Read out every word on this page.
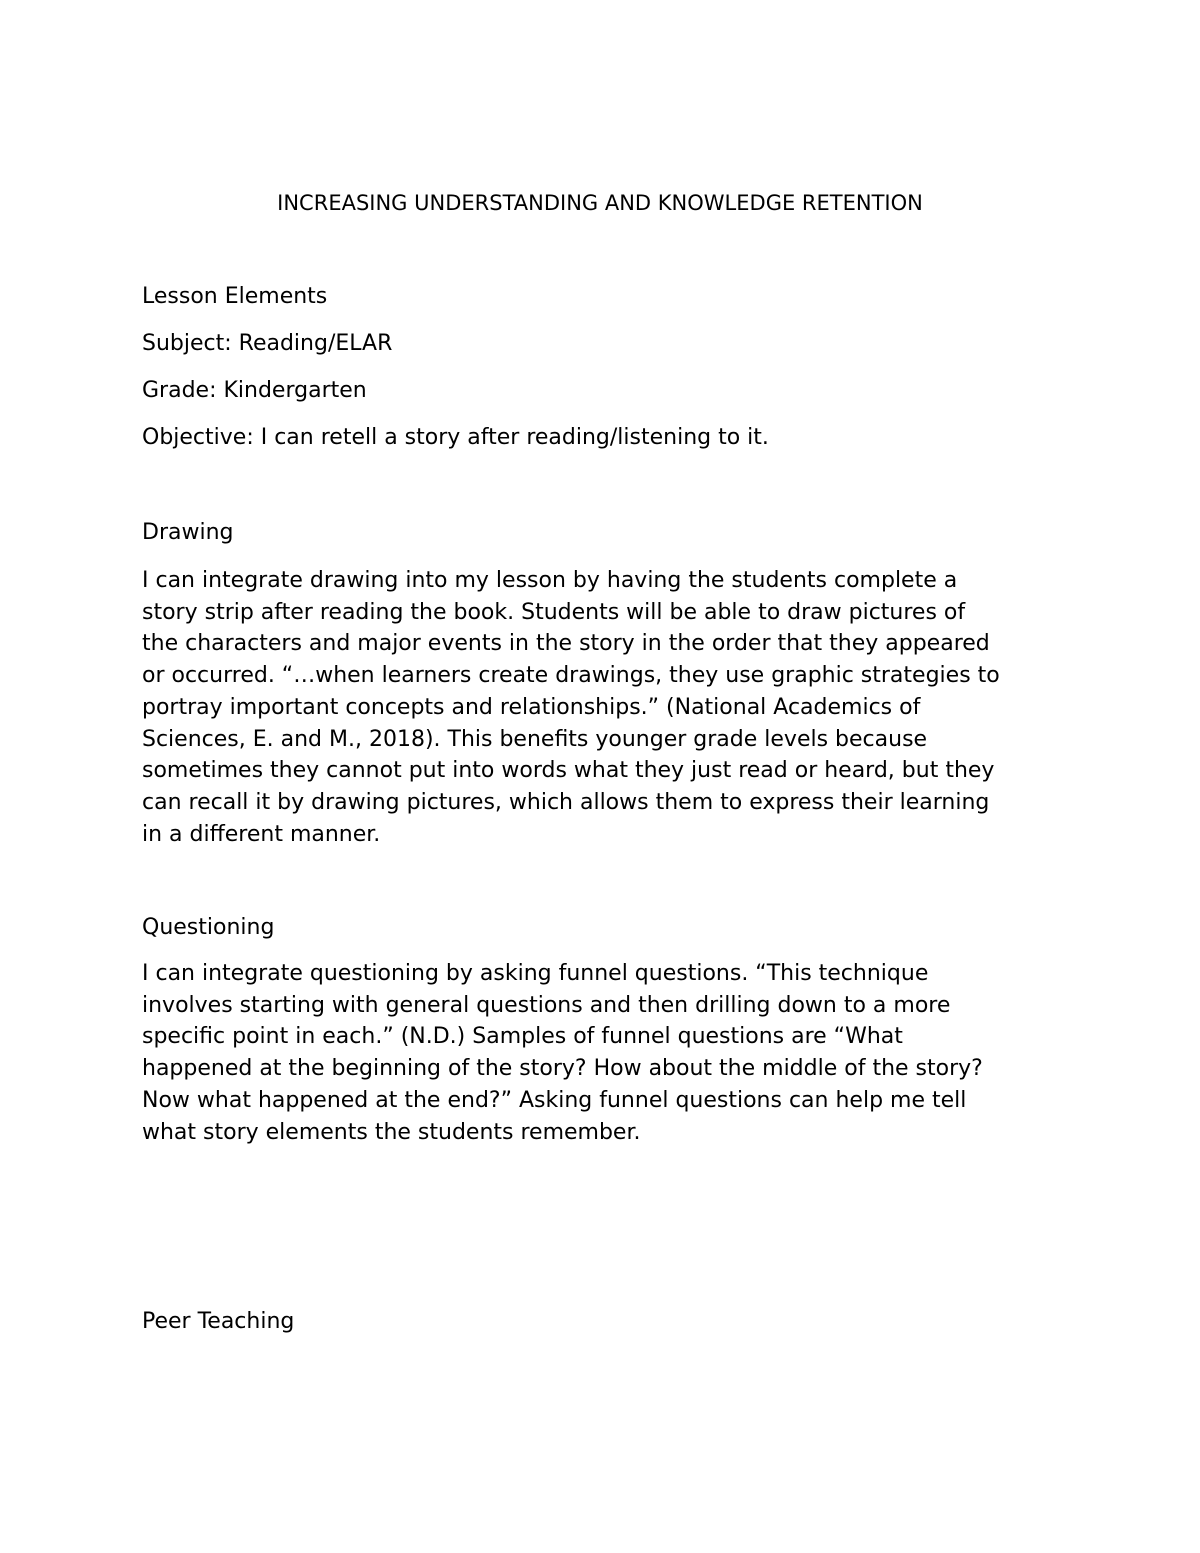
INCREASING UNDERSTANDING AND KNOWLEDGE RETENTION
Lesson Elements
Subject: Reading/ELAR
Grade: Kindergarten
Objective: I can retell a story after reading/listening to it.
Drawing
I can integrate drawing into my lesson by having the students complete a
story strip after reading the book. Students will be able to draw pictures of
the characters and major events in the story in the order that they appeared
or occurred. “…when learners create drawings, they use graphic strategies to
portray important concepts and relationships.” (National Academics of
Sciences, E. and M., 2018). This benefits younger grade levels because
sometimes they cannot put into words what they just read or heard, but they
can recall it by drawing pictures, which allows them to express their learning
in a different manner.
Questioning
I can integrate questioning by asking funnel questions. “This technique
involves starting with general questions and then drilling down to a more
specific point in each.” (N.D.) Samples of funnel questions are “What
happened at the beginning of the story? How about the middle of the story?
Now what happened at the end?” Asking funnel questions can help me tell
what story elements the students remember.
Peer Teaching
